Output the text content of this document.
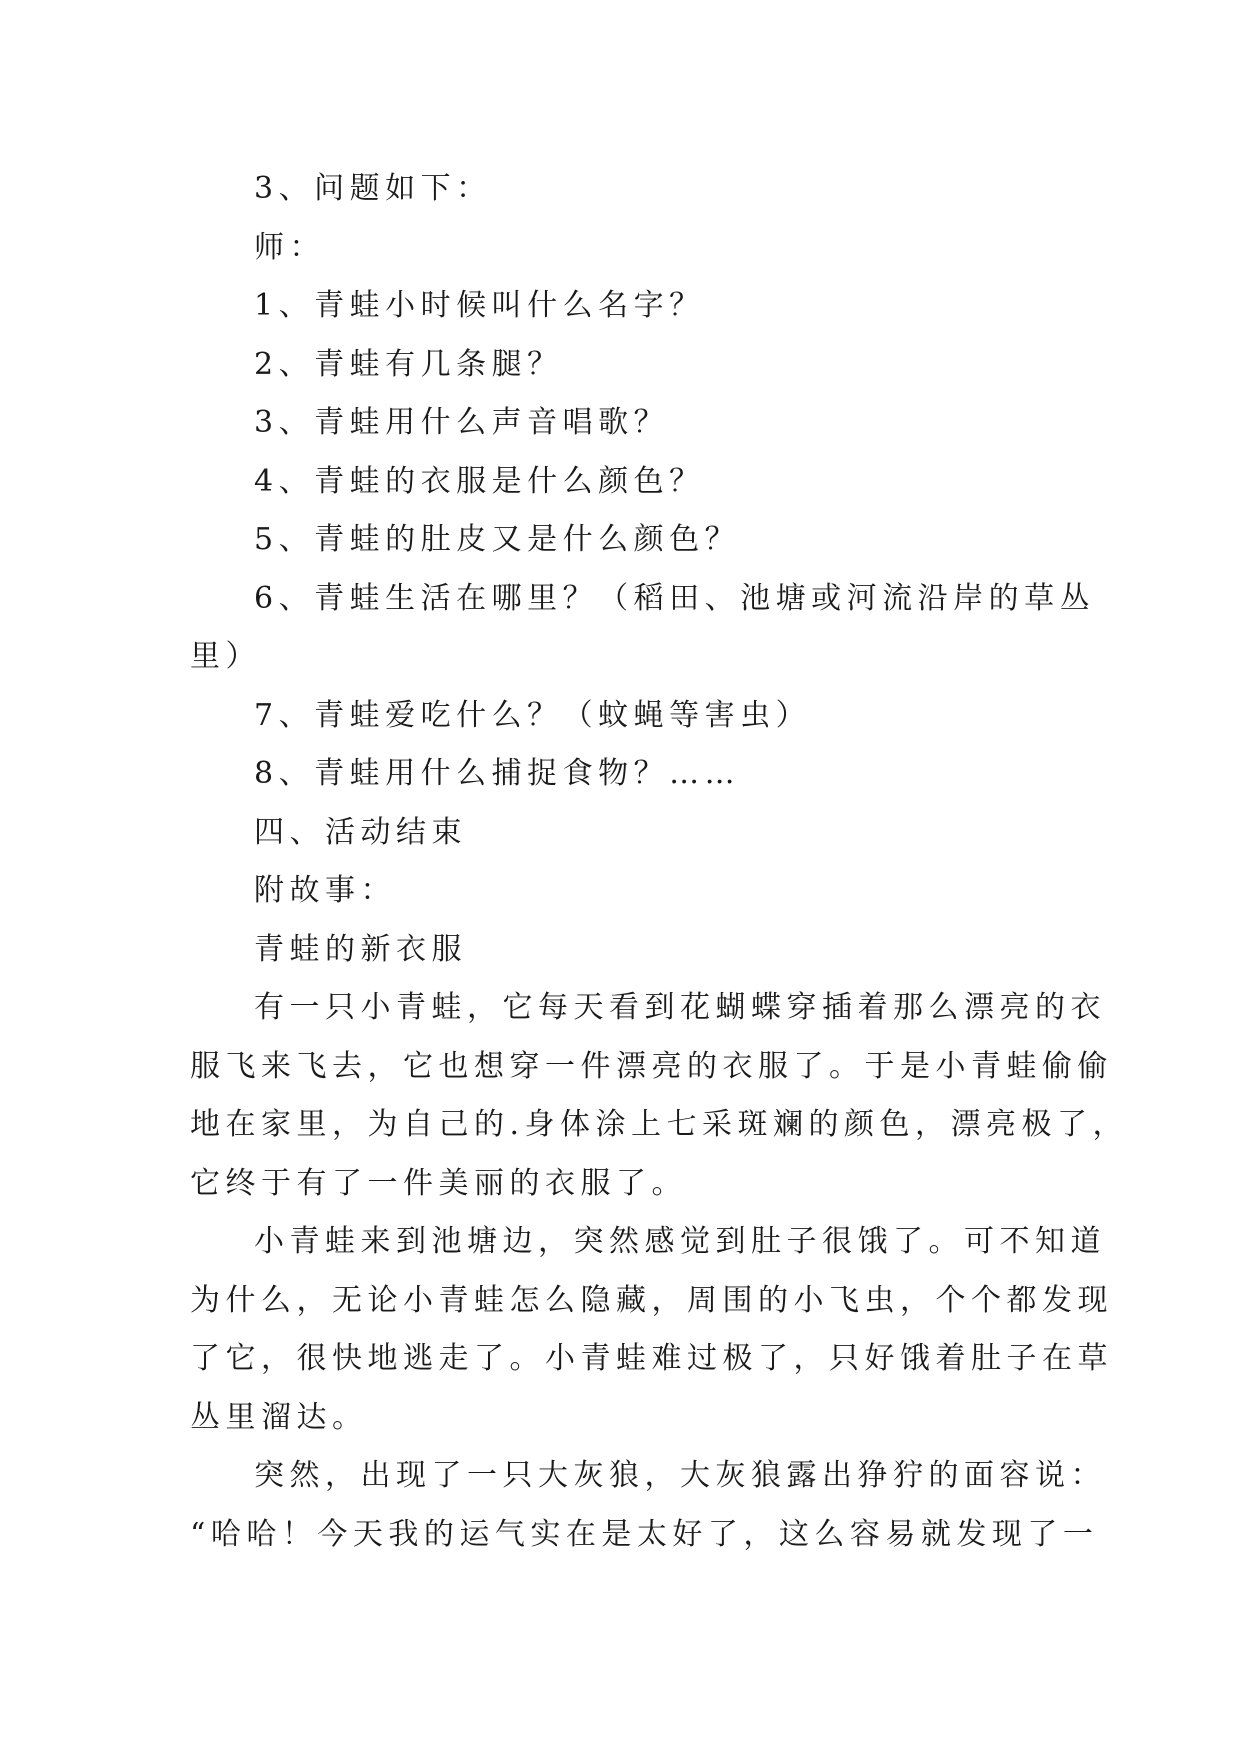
3、问题如下：

师：

1、青蛙小时候叫什么名字？

2、青蛙有几条腿？

3、青蛙用什么声音唱歌？

4、青蛙的衣服是什么颜色？

5、青蛙的肚皮又是什么颜色？

6、青蛙生活在哪里？（稻田、池塘或河流沿岸的草丛

里）

7、青蛙爱吃什么？（蚊蝇等害虫）

8、青蛙用什么捕捉食物？……

四、活动结束

附故事：

青蛙的新衣服

有一只小青蛙，它每天看到花蝴蝶穿插着那么漂亮的衣

服飞来飞去，它也想穿一件漂亮的衣服了。于是小青蛙偷偷

地在家里，为自己的.身体涂上七采斑斓的颜色，漂亮极了，

它终于有了一件美丽的衣服了。

小青蛙来到池塘边，突然感觉到肚子很饿了。可不知道

为什么，无论小青蛙怎么隐藏，周围的小飞虫，个个都发现

了它，很快地逃走了。小青蛙难过极了，只好饿着肚子在草

丛里溜达。

突然，出现了一只大灰狼，大灰狼露出狰狞的面容说：

“哈哈！今天我的运气实在是太好了，这么容易就发现了一
